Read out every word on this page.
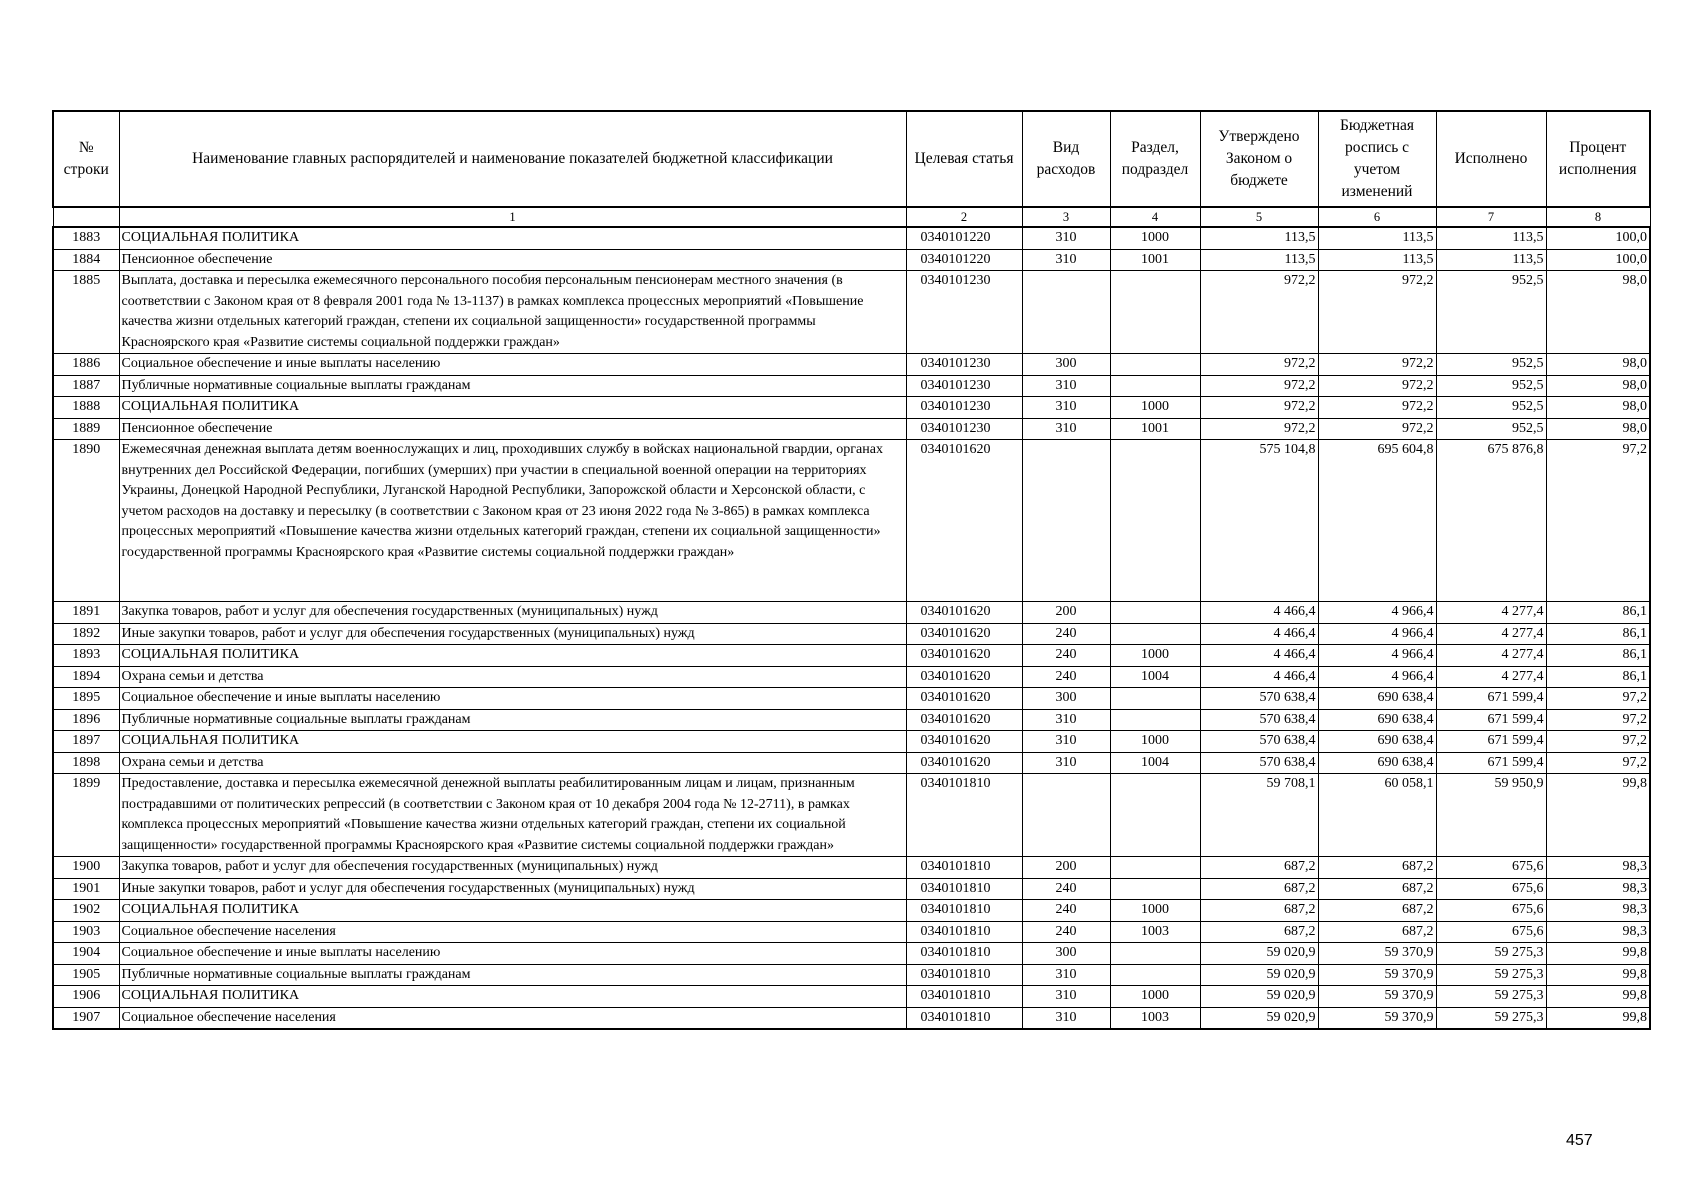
№ строки	Наименование главных распорядителей и наименование показателей бюджетной классификации	Целевая статья	Вид расходов	Раздел, подраздел	Утверждено Законом о бюджете	Бюджетная роспись с учетом изменений	Исполнено	Процент исполнения
	1	2	3	4	5	6	7	8
1883	СОЦИАЛЬНАЯ ПОЛИТИКА	0340101220	310	1000	113,5	113,5	113,5	100,0
1884	Пенсионное обеспечение	0340101220	310	1001	113,5	113,5	113,5	100,0
1885	Выплата, доставка и пересылка ежемесячного персонального пособия персональным пенсионерам местного значения (в соответствии с Законом края от 8 февраля 2001 года № 13-1137) в рамках комплекса процессных мероприятий «Повышение качества жизни отдельных категорий граждан, степени их социальной защищенности» государственной программы Красноярского края «Развитие системы социальной поддержки граждан»	0340101230			972,2	972,2	952,5	98,0
1886	Социальное обеспечение и иные выплаты населению	0340101230	300		972,2	972,2	952,5	98,0
1887	Публичные нормативные социальные выплаты гражданам	0340101230	310		972,2	972,2	952,5	98,0
1888	СОЦИАЛЬНАЯ ПОЛИТИКА	0340101230	310	1000	972,2	972,2	952,5	98,0
1889	Пенсионное обеспечение	0340101230	310	1001	972,2	972,2	952,5	98,0
1890	Ежемесячная денежная выплата детям военнослужащих и лиц, проходивших службу в войсках национальной гвардии, органах внутренних дел Российской Федерации, погибших (умерших) при участии в специальной военной операции на территориях Украины, Донецкой Народной Республики, Луганской Народной Республики, Запорожской области и Херсонской области, с учетом расходов на доставку и пересылку (в соответствии с Законом края от 23 июня 2022 года № 3-865) в рамках комплекса процессных мероприятий «Повышение качества жизни отдельных категорий граждан, степени их социальной защищенности» государственной программы Красноярского края «Развитие системы социальной поддержки граждан»	0340101620			575 104,8	695 604,8	675 876,8	97,2
1891	Закупка товаров, работ и услуг для обеспечения государственных (муниципальных) нужд	0340101620	200		4 466,4	4 966,4	4 277,4	86,1
1892	Иные закупки товаров, работ и услуг для обеспечения государственных (муниципальных) нужд	0340101620	240		4 466,4	4 966,4	4 277,4	86,1
1893	СОЦИАЛЬНАЯ ПОЛИТИКА	0340101620	240	1000	4 466,4	4 966,4	4 277,4	86,1
1894	Охрана семьи и детства	0340101620	240	1004	4 466,4	4 966,4	4 277,4	86,1
1895	Социальное обеспечение и иные выплаты населению	0340101620	300		570 638,4	690 638,4	671 599,4	97,2
1896	Публичные нормативные социальные выплаты гражданам	0340101620	310		570 638,4	690 638,4	671 599,4	97,2
1897	СОЦИАЛЬНАЯ ПОЛИТИКА	0340101620	310	1000	570 638,4	690 638,4	671 599,4	97,2
1898	Охрана семьи и детства	0340101620	310	1004	570 638,4	690 638,4	671 599,4	97,2
1899	Предоставление, доставка и пересылка ежемесячной денежной выплаты реабилитированным лицам и лицам, признанным пострадавшими от политических репрессий (в соответствии с Законом края от 10 декабря 2004 года № 12-2711), в рамках комплекса процессных мероприятий «Повышение качества жизни отдельных категорий граждан, степени их социальной защищенности» государственной программы Красноярского края «Развитие системы социальной поддержки граждан»	0340101810			59 708,1	60 058,1	59 950,9	99,8
1900	Закупка товаров, работ и услуг для обеспечения государственных (муниципальных) нужд	0340101810	200		687,2	687,2	675,6	98,3
1901	Иные закупки товаров, работ и услуг для обеспечения государственных (муниципальных) нужд	0340101810	240		687,2	687,2	675,6	98,3
1902	СОЦИАЛЬНАЯ ПОЛИТИКА	0340101810	240	1000	687,2	687,2	675,6	98,3
1903	Социальное обеспечение населения	0340101810	240	1003	687,2	687,2	675,6	98,3
1904	Социальное обеспечение и иные выплаты населению	0340101810	300		59 020,9	59 370,9	59 275,3	99,8
1905	Публичные нормативные социальные выплаты гражданам	0340101810	310		59 020,9	59 370,9	59 275,3	99,8
1906	СОЦИАЛЬНАЯ ПОЛИТИКА	0340101810	310	1000	59 020,9	59 370,9	59 275,3	99,8
1907	Социальное обеспечение населения	0340101810	310	1003	59 020,9	59 370,9	59 275,3	99,8
457
